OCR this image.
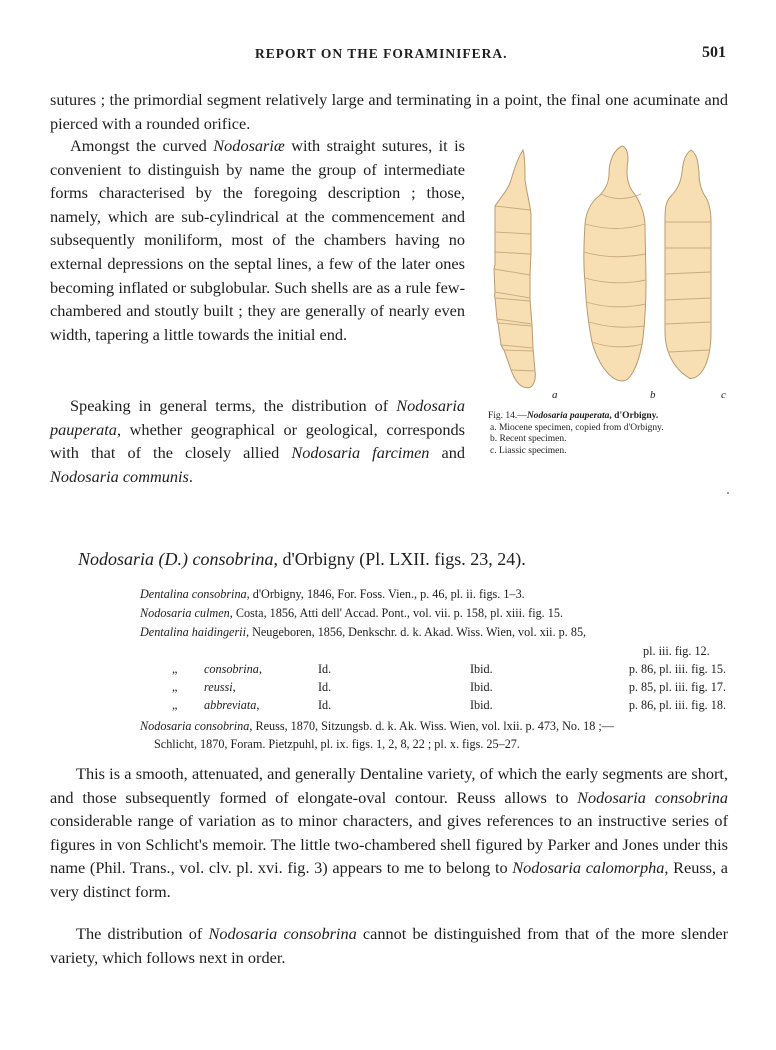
REPORT ON THE FORAMINIFERA.	501
sutures ; the primordial segment relatively large and terminating in a point, the final one acuminate and pierced with a rounded orifice.
Amongst the curved Nodosariæ with straight sutures, it is convenient to distinguish by name the group of intermediate forms characterised by the foregoing description ; those, namely, which are sub-cylindrical at the commencement and subsequently moniliform, most of the chambers having no external depressions on the septal lines, a few of the later ones becoming inflated or subglobular. Such shells are as a rule few-chambered and stoutly built ; they are generally of nearly even width, tapering a little towards the initial end.
Speaking in general terms, the distribution of Nodosaria pauperata, whether geographical or geological, corresponds with that of the closely allied Nodosaria farcimen and Nodosaria communis.
a	b	c
Fig. 14.—Nodosaria pauperata, d'Orbigny.
a. Miocene specimen, copied from d'Orbigny.
b. Recent specimen.
c. Liassic specimen.
Nodosaria (D.) consobrina, d'Orbigny (Pl. LXII. figs. 23, 24).
Dentalina consobrina, d'Orbigny, 1846, For. Foss. Vien., p. 46, pl. ii. figs. 1–3.
Nodosaria culmen, Costa, 1856, Atti dell' Accad. Pont., vol. vii. p. 158, pl. xiii. fig. 15.
Dentalina haidingerii, Neugeboren, 1856, Denkschr. d. k. Akad. Wiss. Wien, vol. xii. p. 85,
pl. iii. fig. 12.
„ consobrina,	Id.	Ibid.	p. 86, pl. iii. fig. 15.
„ reussi,	Id.	Ibid.	p. 85, pl. iii. fig. 17.
„ abbreviata,	Id.	Ibid.	p. 86, pl. iii. fig. 18.
Nodosaria consobrina, Reuss, 1870, Sitzungsb. d. k. Ak. Wiss. Wien, vol. lxii. p. 473, No. 18 ;—
Schlicht, 1870, Foram. Pietzpuhl, pl. ix. figs. 1, 2, 8, 22 ; pl. x. figs. 25–27.
This is a smooth, attenuated, and generally Dentaline variety, of which the early segments are short, and those subsequently formed of elongate-oval contour. Reuss allows to Nodosaria consobrina considerable range of variation as to minor characters, and gives references to an instructive series of figures in von Schlicht's memoir. The little two-chambered shell figured by Parker and Jones under this name (Phil. Trans., vol. clv. pl. xvi. fig. 3) appears to me to belong to Nodosaria calomorpha, Reuss, a very distinct form.
The distribution of Nodosaria consobrina cannot be distinguished from that of the more slender variety, which follows next in order.
